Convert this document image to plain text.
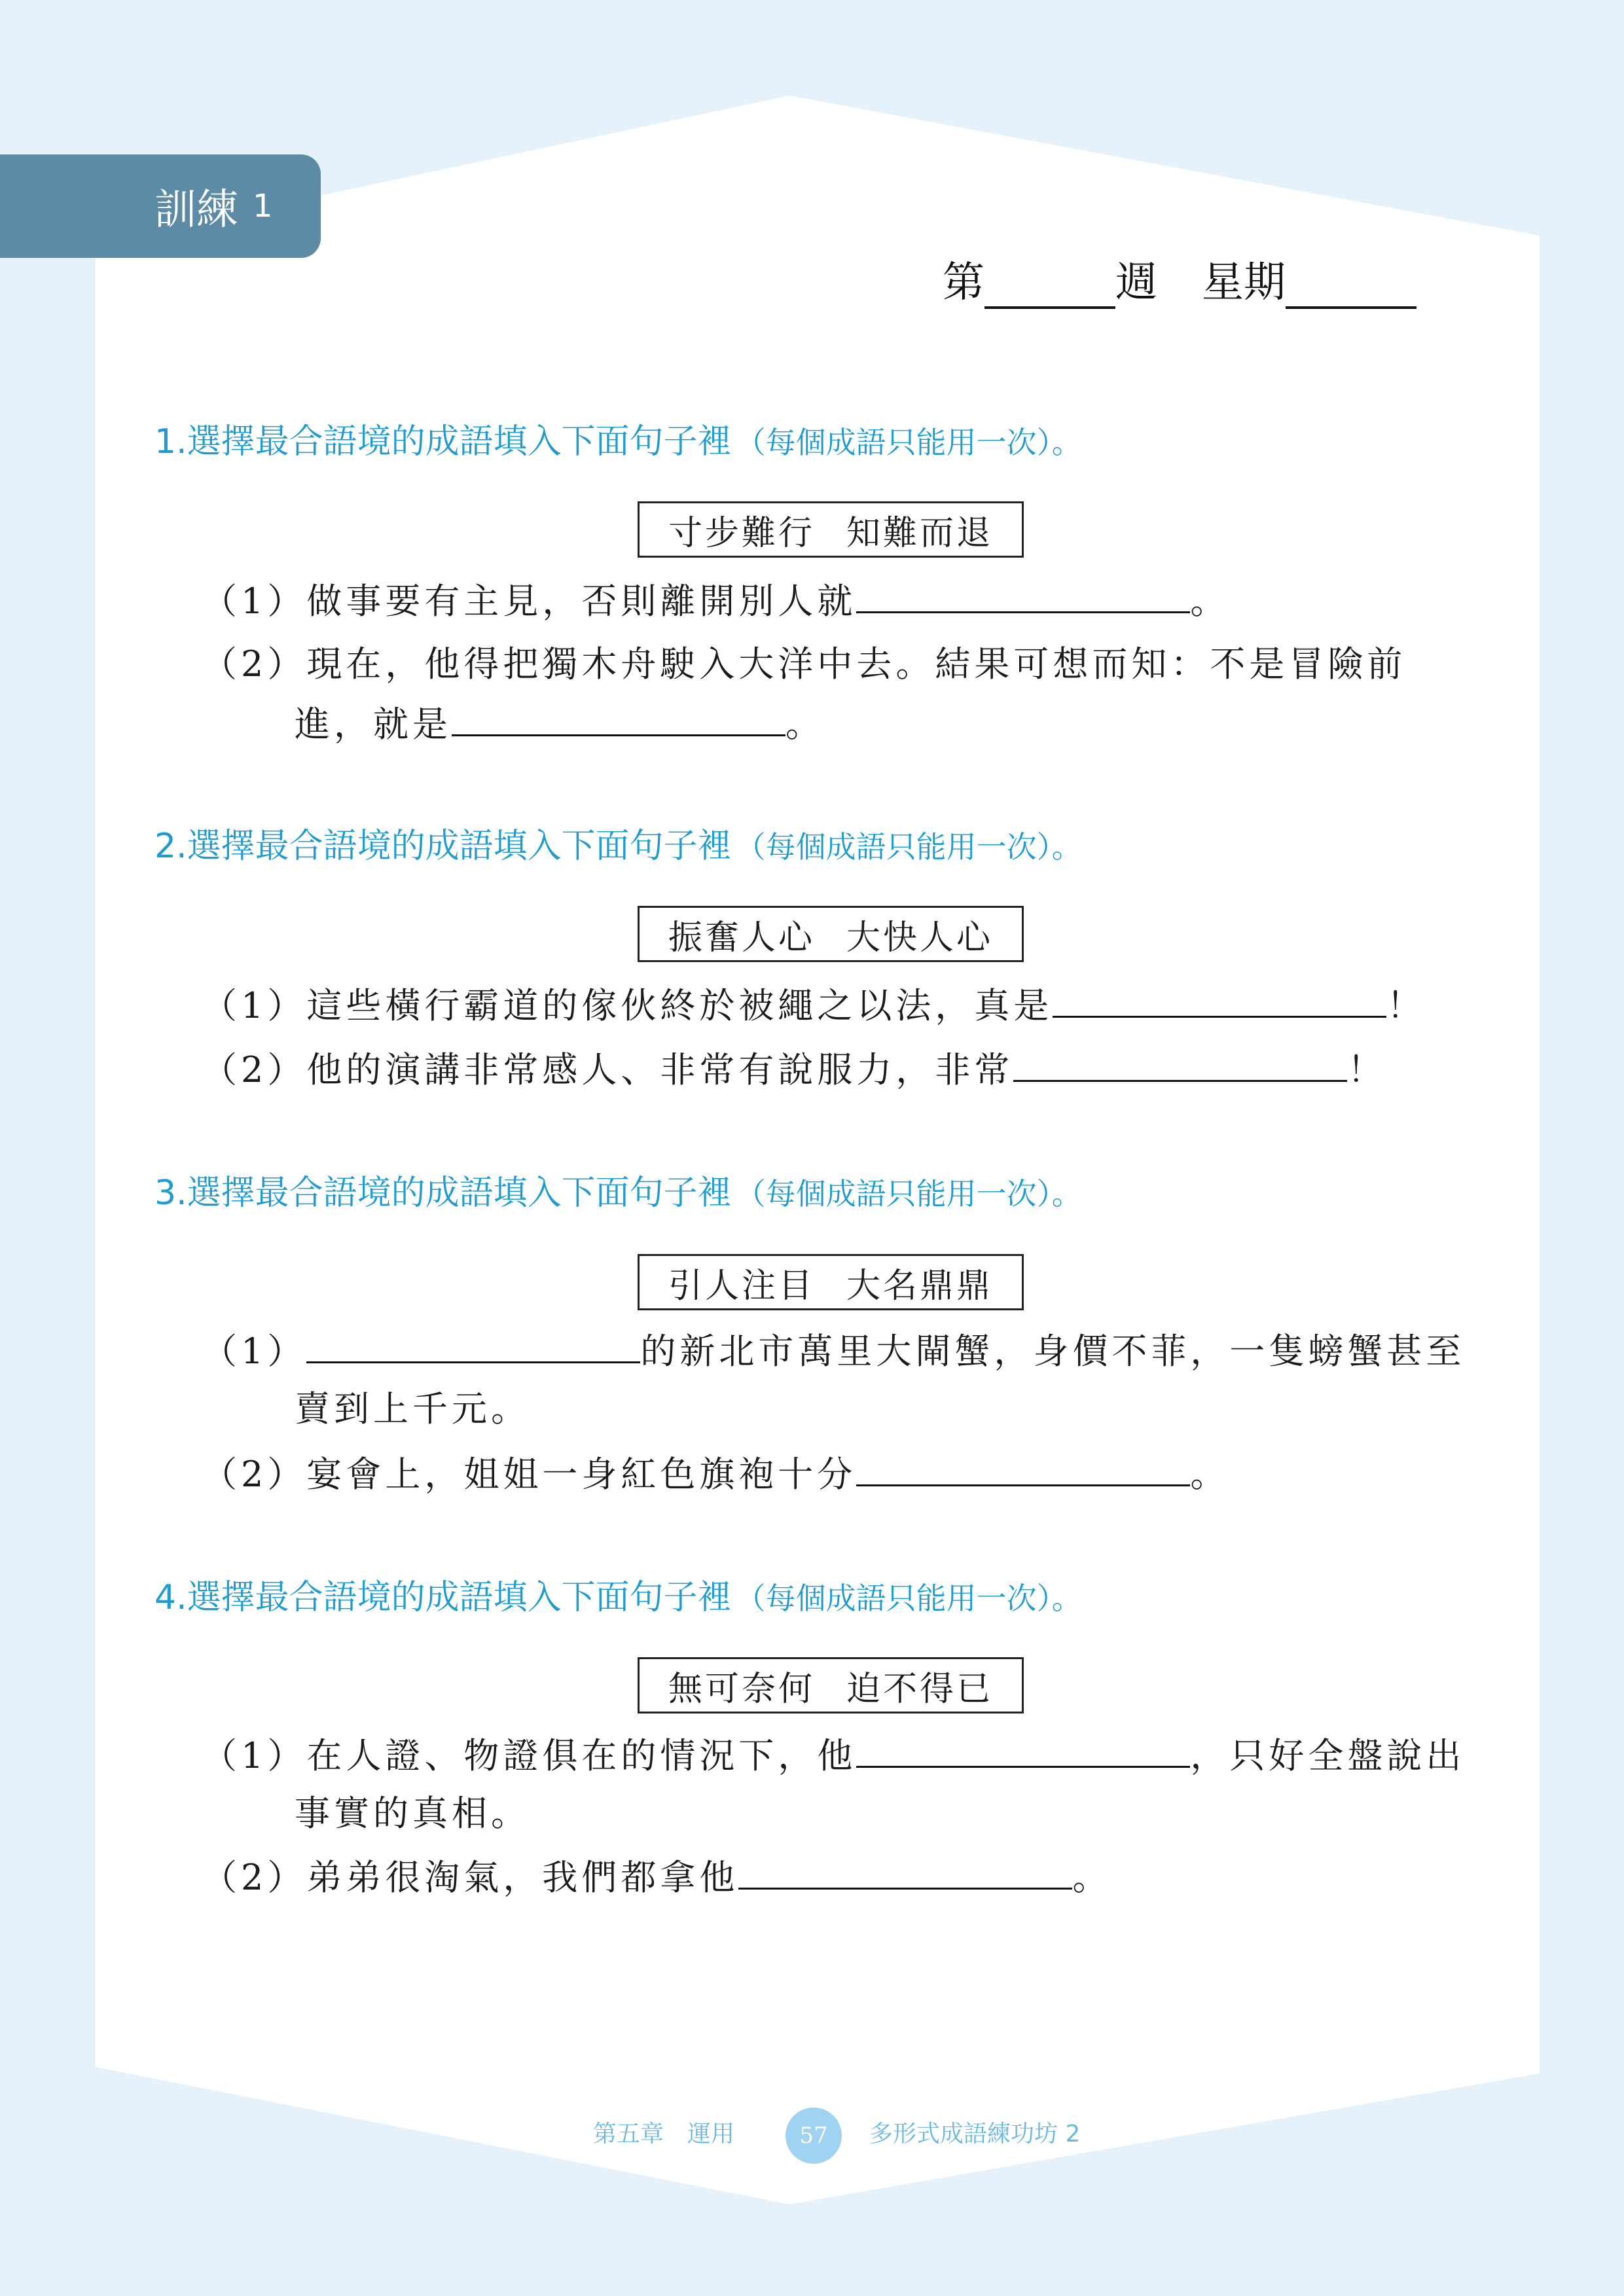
訓練 1
第	週 星期
1.選擇最合語境的成語填入下面句子裡 （每個成語只能用一次）。
寸步難行 知難而退
（1）做事要有主見，否則離開別人就	。
（2）現在，他得把獨木舟駛入大洋中去。結果可想而知：不是冒險前
進，就是	。
2.選擇最合語境的成語填入下面句子裡 （每個成語只能用一次）。
振奮人心 大快人心
（1）這些橫行霸道的傢伙終於被繩之以法，真是	！
（2）他的演講非常感人、非常有說服力，非常	！
3.選擇最合語境的成語填入下面句子裡 （每個成語只能用一次）。
引人注目 大名鼎鼎
（1）	的新北市萬里大閘蟹，身價不菲，一隻螃蟹甚至
賣到上千元。
（2）宴會上，姐姐一身紅色旗袍十分	。
4.選擇最合語境的成語填入下面句子裡 （每個成語只能用一次）。
無可奈何 迫不得已
（1）在人證、物證俱在的情況下，他	，只好全盤說出
事實的真相。
（2）弟弟很淘氣，我們都拿他	。
第五章　運用	57	多形式成語練功坊 2
